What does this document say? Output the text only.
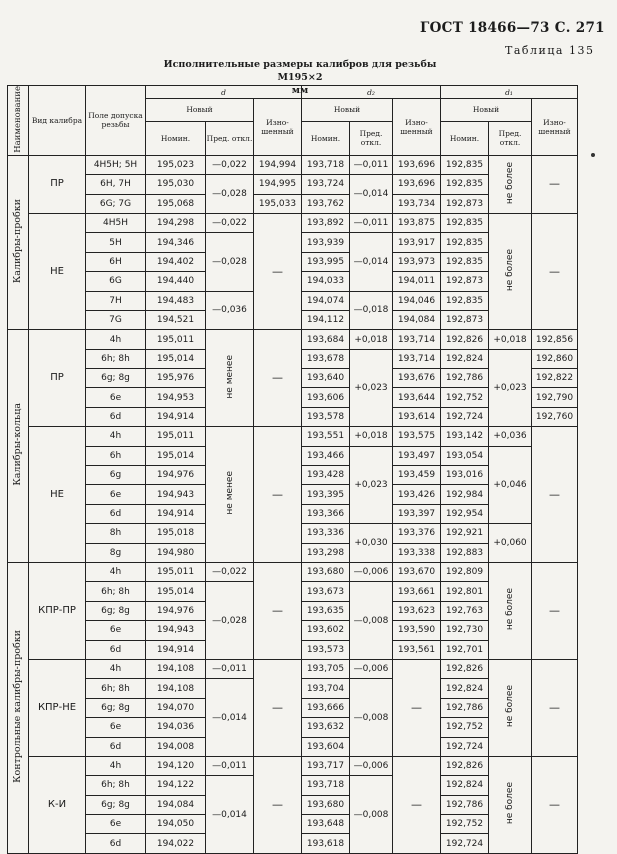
ГОСТ 18466—73 С. 271
Таблица 135
Исполнительные размеры калибров для резьбы M195×2
мм
Наименование	Вид калибра	Поле допуска резьбы	d			d₂			d₁		
			Новый		Изношенный	Новый		Изношенный	Новый		Изношенный
			Номин.	Пред. откл.		Номин.	Пред. откл.		Номин.	Пред. откл.	
Калибры-пробки	ПР	4H5H; 5H	195,023	—0,022	194,994	193,718	—0,011	193,696	192,835	не более	—
		6H, 7H	195,030	—0,028	194,995	193,724	—0,014	193,696	192,835		
		6G; 7G	195,068		195,033	193,762		193,734	192,873		
	НЕ	4H5H	194,298	—0,022	—	193,892	—0,011	193,875	192,835	не более	—
		5H	194,346	—0,028		193,939	—0,014	193,917	192,835		
		6H	194,402			193,995		193,973	192,835		
		6G	194,440			194,033		194,011	192,873		
		7H	194,483	—0,036		194,074	—0,018	194,046	192,835		
		7G	194,521			194,112		194,084	192,873		
Калибры-кольца	ПР	4h	195,011	не менее	—	193,684	+0,018	193,714	192,826	+0,018	192,856
		6h; 8h	195,014			193,678	+0,023	193,714	192,824	+0,023	192,860
		6g; 8g	195,976			193,640		193,676	192,786		192,822
		6e	194,953			193,606		193,644	192,752		192,790
		6d	194,914			193,578		193,614	192,724		192,760
	НЕ	4h	195,011	не менее	—	193,551	+0,018	193,575	193,142	+0,036	—
		6h	195,014			193,466	+0,023	193,497	193,054	+0,046	
		6g	194,976			193,428		193,459	193,016		
		6e	194,943			193,395		193,426	192,984		
		6d	194,914			193,366		193,397	192,954		
		8h	195,018			193,336	+0,030	193,376	192,921	+0,060	
		8g	194,980			193,298		193,338	192,883		
Контрольные калибры-пробки	КПР-ПР	4h	195,011	—0,022	—	193,680	—0,006	193,670	192,809	не более	—
		6h; 8h	195,014	—0,028		193,673	—0,008	193,661	192,801		
		6g; 8g	194,976			193,635		193,623	192,763		
		6e	194,943			193,602		193,590	192,730		
		6d	194,914			193,573		193,561	192,701		
	КПР-НЕ	4h	194,108	—0,011	—	193,705	—0,006	—	192,826	не более	—
		6h; 8h	194,108	—0,014		193,704	—0,008		192,824		
		6g; 8g	194,070			193,666			192,786		
		6e	194,036			193,632			192,752		
		6d	194,008			193,604			192,724		
	К-И	4h	194,120	—0,011	—	193,717	—0,006	—	192,826	не более	—
		6h; 8h	194,122	—0,014		193,718	—0,008		192,824		
		6g; 8g	194,084			193,680			192,786		
		6e	194,050			193,648			192,752		
		6d	194,022			193,618			192,724		
